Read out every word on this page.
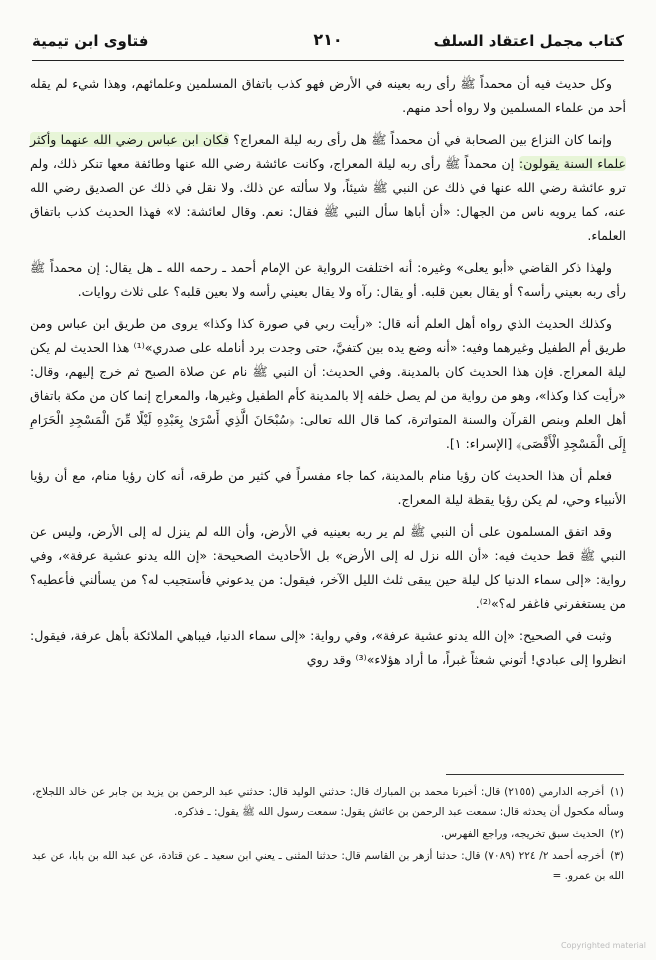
كتاب مجمل اعتقاد السلف
٢١٠
فتاوى ابن تيمية

وكل حديث فيه أن محمداً ﷺ رأى ربه بعينه في الأرض فهو كذب باتفاق المسلمين وعلمائهم، وهذا شيء لم يقله أحد من علماء المسلمين ولا رواه أحد منهم.

وإنما كان النزاع بين الصحابة في أن محمداً ﷺ هل رأى ربه ليلة المعراج؟ فكان ابن عباس رضي الله عنهما وأكثر علماء السنة يقولون: إن محمداً ﷺ رأى ربه ليلة المعراج، وكانت عائشة رضي الله عنها وطائفة معها تنكر ذلك، ولم ترو عائشة رضي الله عنها في ذلك عن النبي ﷺ شيئاً، ولا سألته عن ذلك. ولا نقل في ذلك عن الصديق رضي الله عنه، كما يرويه ناس من الجهال: «أن أباها سأل النبي ﷺ فقال: نعم. وقال لعائشة: لا» فهذا الحديث كذب باتفاق العلماء.

ولهذا ذكر القاضي «أبو يعلى» وغيره: أنه اختلفت الرواية عن الإمام أحمد ـ رحمه الله ـ هل يقال: إن محمداً ﷺ رأى ربه بعيني رأسه؟ أو يقال بعين قلبه. أو يقال: رآه ولا يقال بعيني رأسه ولا بعين قلبه؟ على ثلاث روايات.

وكذلك الحديث الذي رواه أهل العلم أنه قال: «رأيت ربي في صورة كذا وكذا» يروى من طريق ابن عباس ومن طريق أم الطفيل وغيرهما وفيه: «أنه وضع يده بين كتفيَّ، حتى وجدت برد أنامله على صدري»⁽¹⁾ هذا الحديث لم يكن ليلة المعراج. فإن هذا الحديث كان بالمدينة. وفي الحديث: أن النبي ﷺ نام عن صلاة الصبح ثم خرج إليهم، وقال: «رأيت كذا وكذا»، وهو من رواية من لم يصل خلفه إلا بالمدينة كأم الطفيل وغيرها، والمعراج إنما كان من مكة باتفاق أهل العلم وبنص القرآن والسنة المتواترة، كما قال الله تعالى: ﴿سُبْحَانَ الَّذِي أَسْرَىٰ بِعَبْدِهِ لَيْلًا مِّنَ الْمَسْجِدِ الْحَرَامِ إِلَى الْمَسْجِدِ الْأَقْصَى﴾ [الإسراء: ١].

فعلم أن هذا الحديث كان رؤيا منام بالمدينة، كما جاء مفسراً في كثير من طرقه، أنه كان رؤيا منام، مع أن رؤيا الأنبياء وحي، لم يكن رؤيا يقظة ليلة المعراج.

وقد اتفق المسلمون على أن النبي ﷺ لم ير ربه بعينيه في الأرض، وأن الله لم ينزل له إلى الأرض، وليس عن النبي ﷺ قط حديث فيه: «أن الله نزل له إلى الأرض» بل الأحاديث الصحيحة: «إن الله يدنو عشية عرفة»، وفي رواية: «إلى سماء الدنيا كل ليلة حين يبقى ثلث الليل الآخر، فيقول: من يدعوني فأستجيب له؟ من يسألني فأعطيه؟ من يستغفرني فاغفر له؟»⁽²⁾.

وثبت في الصحيح: «إن الله يدنو عشية عرفة»، وفي رواية: «إلى سماء الدنيا، فيباهي الملائكة بأهل عرفة، فيقول: انظروا إلى عبادي! أتوني شعثاً غبراً، ما أراد هؤلاء»⁽³⁾ وقد روي

(١)أخرجه الدارمي (٢١٥٥) قال: أخبرنا محمد بن المبارك قال: حدثني الوليد قال: حدثني عبد الرحمن بن يزيد بن جابر عن خالد اللجلاج، وسأله مكحول أن يحدثه قال: سمعت عبد الرحمن بن عائش يقول: سمعت رسول الله ﷺ يقول: ـ فذكره.
(٢)الحديث سبق تخريجه، وراجع الفهرس.
(٣)أخرجه أحمد ٢/ ٢٢٤ (٧٠٨٩) قال: حدثنا أزهر بن القاسم قال: حدثنا المثنى ـ يعني ابن سعيد ـ عن قتادة، عن عبد الله بن بابا، عن عبد الله بن عمرو. =
Copyrighted material
